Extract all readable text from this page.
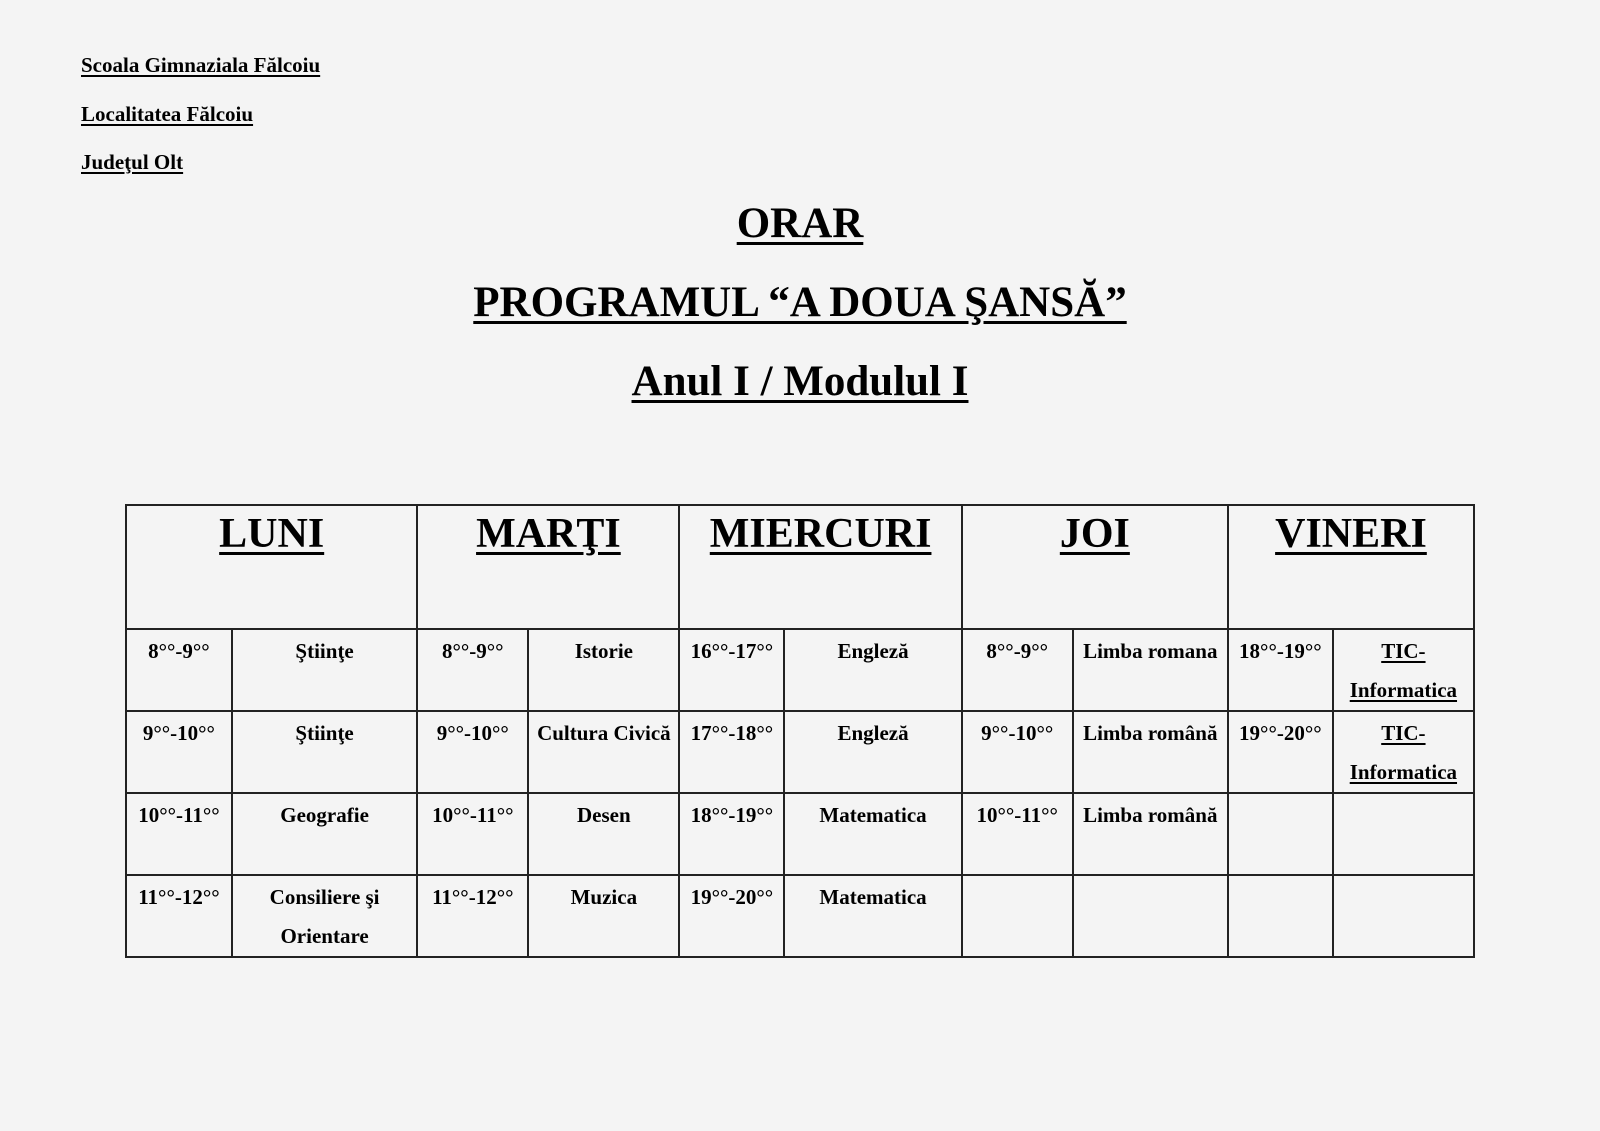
Scoala Gimnaziala Fălcoiu
Localitatea Fălcoiu
Judeţul Olt
ORAR
PROGRAMUL “A DOUA ŞANSĂ”
Anul I / Modulul I
LUNI		MARŢI		MIERCURI		JOI		VINERI	
8°°-9°°	Ştiinţe	8°°-9°°	Istorie	16°°-17°°	Engleză	8°°-9°°	Limba romana	18°°-19°°	TIC-Informatica

9°°-10°°	Ştiinţe	9°°-10°°	Cultura Civică	17°°-18°°	Engleză	9°°-10°°	Limba română	19°°-20°°	TIC-Informatica

10°°-11°°	Geografie	10°°-11°°	Desen	18°°-19°°	Matematica	10°°-11°°	Limba română		

11°°-12°°	Consiliere şi Orientare	11°°-12°°	Muzica	19°°-20°°	Matematica				
